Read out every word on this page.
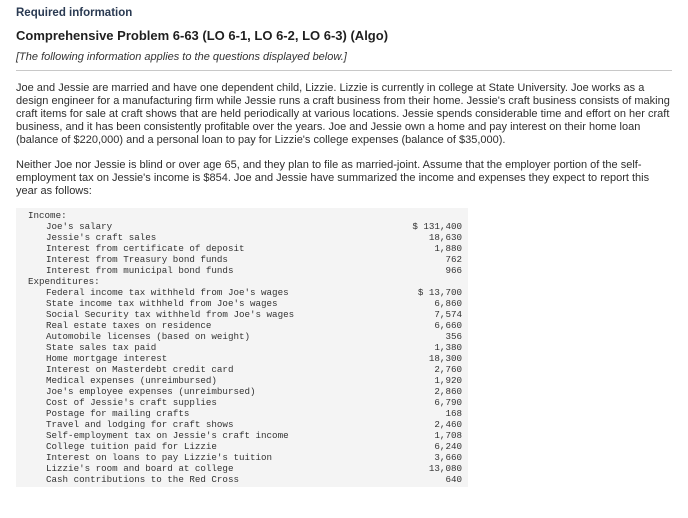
Required information
Comprehensive Problem 6-63 (LO 6-1, LO 6-2, LO 6-3) (Algo)
[The following information applies to the questions displayed below.]
Joe and Jessie are married and have one dependent child, Lizzie. Lizzie is currently in college at State University. Joe works as a design engineer for a manufacturing firm while Jessie runs a craft business from their home. Jessie's craft business consists of making craft items for sale at craft shows that are held periodically at various locations. Jessie spends considerable time and effort on her craft business, and it has been consistently profitable over the years. Joe and Jessie own a home and pay interest on their home loan (balance of $220,000) and a personal loan to pay for Lizzie's college expenses (balance of $35,000).
Neither Joe nor Jessie is blind or over age 65, and they plan to file as married-joint. Assume that the employer portion of the self-employment tax on Jessie's income is $854. Joe and Jessie have summarized the income and expenses they expect to report this year as follows:
Income:
Joe's salary	$ 131,400
Jessie's craft sales	18,630
Interest from certificate of deposit	1,880
Interest from Treasury bond funds	762
Interest from municipal bond funds	966
Expenditures:
Federal income tax withheld from Joe's wages	$ 13,700
State income tax withheld from Joe's wages	6,860
Social Security tax withheld from Joe's wages	7,574
Real estate taxes on residence	6,660
Automobile licenses (based on weight)	356
State sales tax paid	1,380
Home mortgage interest	18,300
Interest on Masterdebt credit card	2,760
Medical expenses (unreimbursed)	1,920
Joe's employee expenses (unreimbursed)	2,860
Cost of Jessie's craft supplies	6,790
Postage for mailing crafts	168
Travel and lodging for craft shows	2,460
Self-employment tax on Jessie's craft income	1,708
College tuition paid for Lizzie	6,240
Interest on loans to pay Lizzie's tuition	3,660
Lizzie's room and board at college	13,080
Cash contributions to the Red Cross	640
